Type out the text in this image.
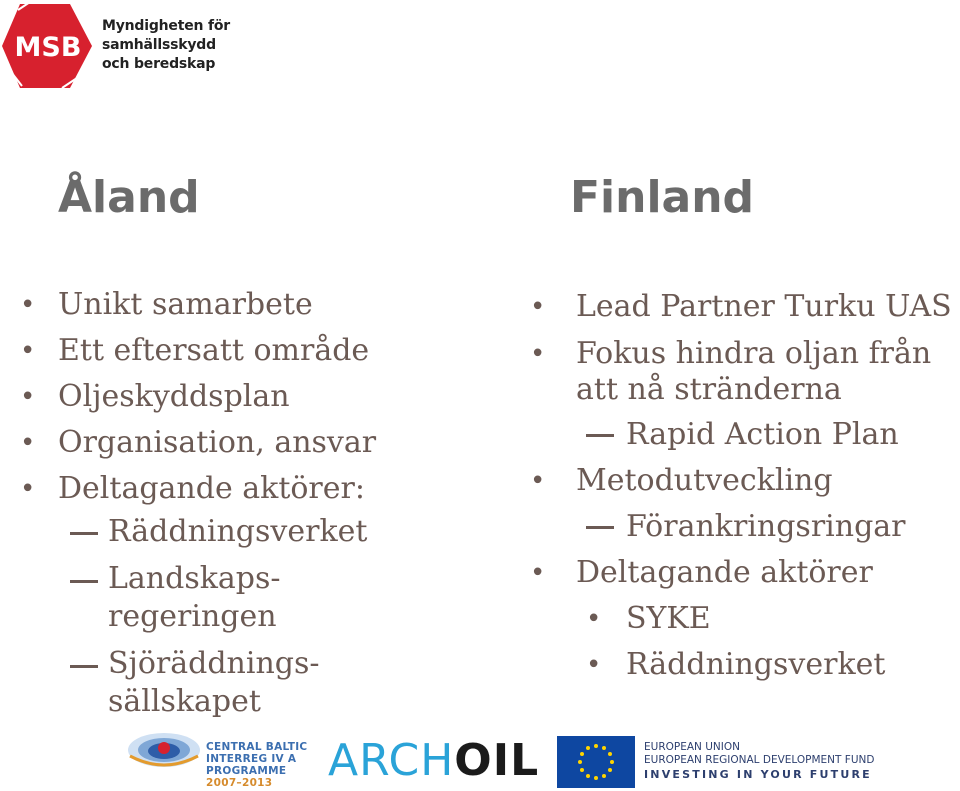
MSB
Myndigheten för
samhällsskydd
och beredskap
Åland	Finland
• Unikt samarbete
• Ett eftersatt område
• Oljeskyddsplan
• Organisation, ansvar
• Deltagande aktörer:
Räddningsverket
Landskaps-regeringen
Sjöräddnings-sällskapet
• Lead Partner Turku UAS
• Fokus hindra oljan från att nå stränderna
Rapid Action Plan
• Metodutveckling
Förankringsringar
• Deltagande aktörer
• SYKE
• Räddningsverket
CENTRAL BALTIC
INTERREG IV A
PROGRAMME
2007–2013	ARCHOIL	EUROPEAN UNION
EUROPEAN REGIONAL DEVELOPMENT FUND
INVESTING IN YOUR FUTURE
